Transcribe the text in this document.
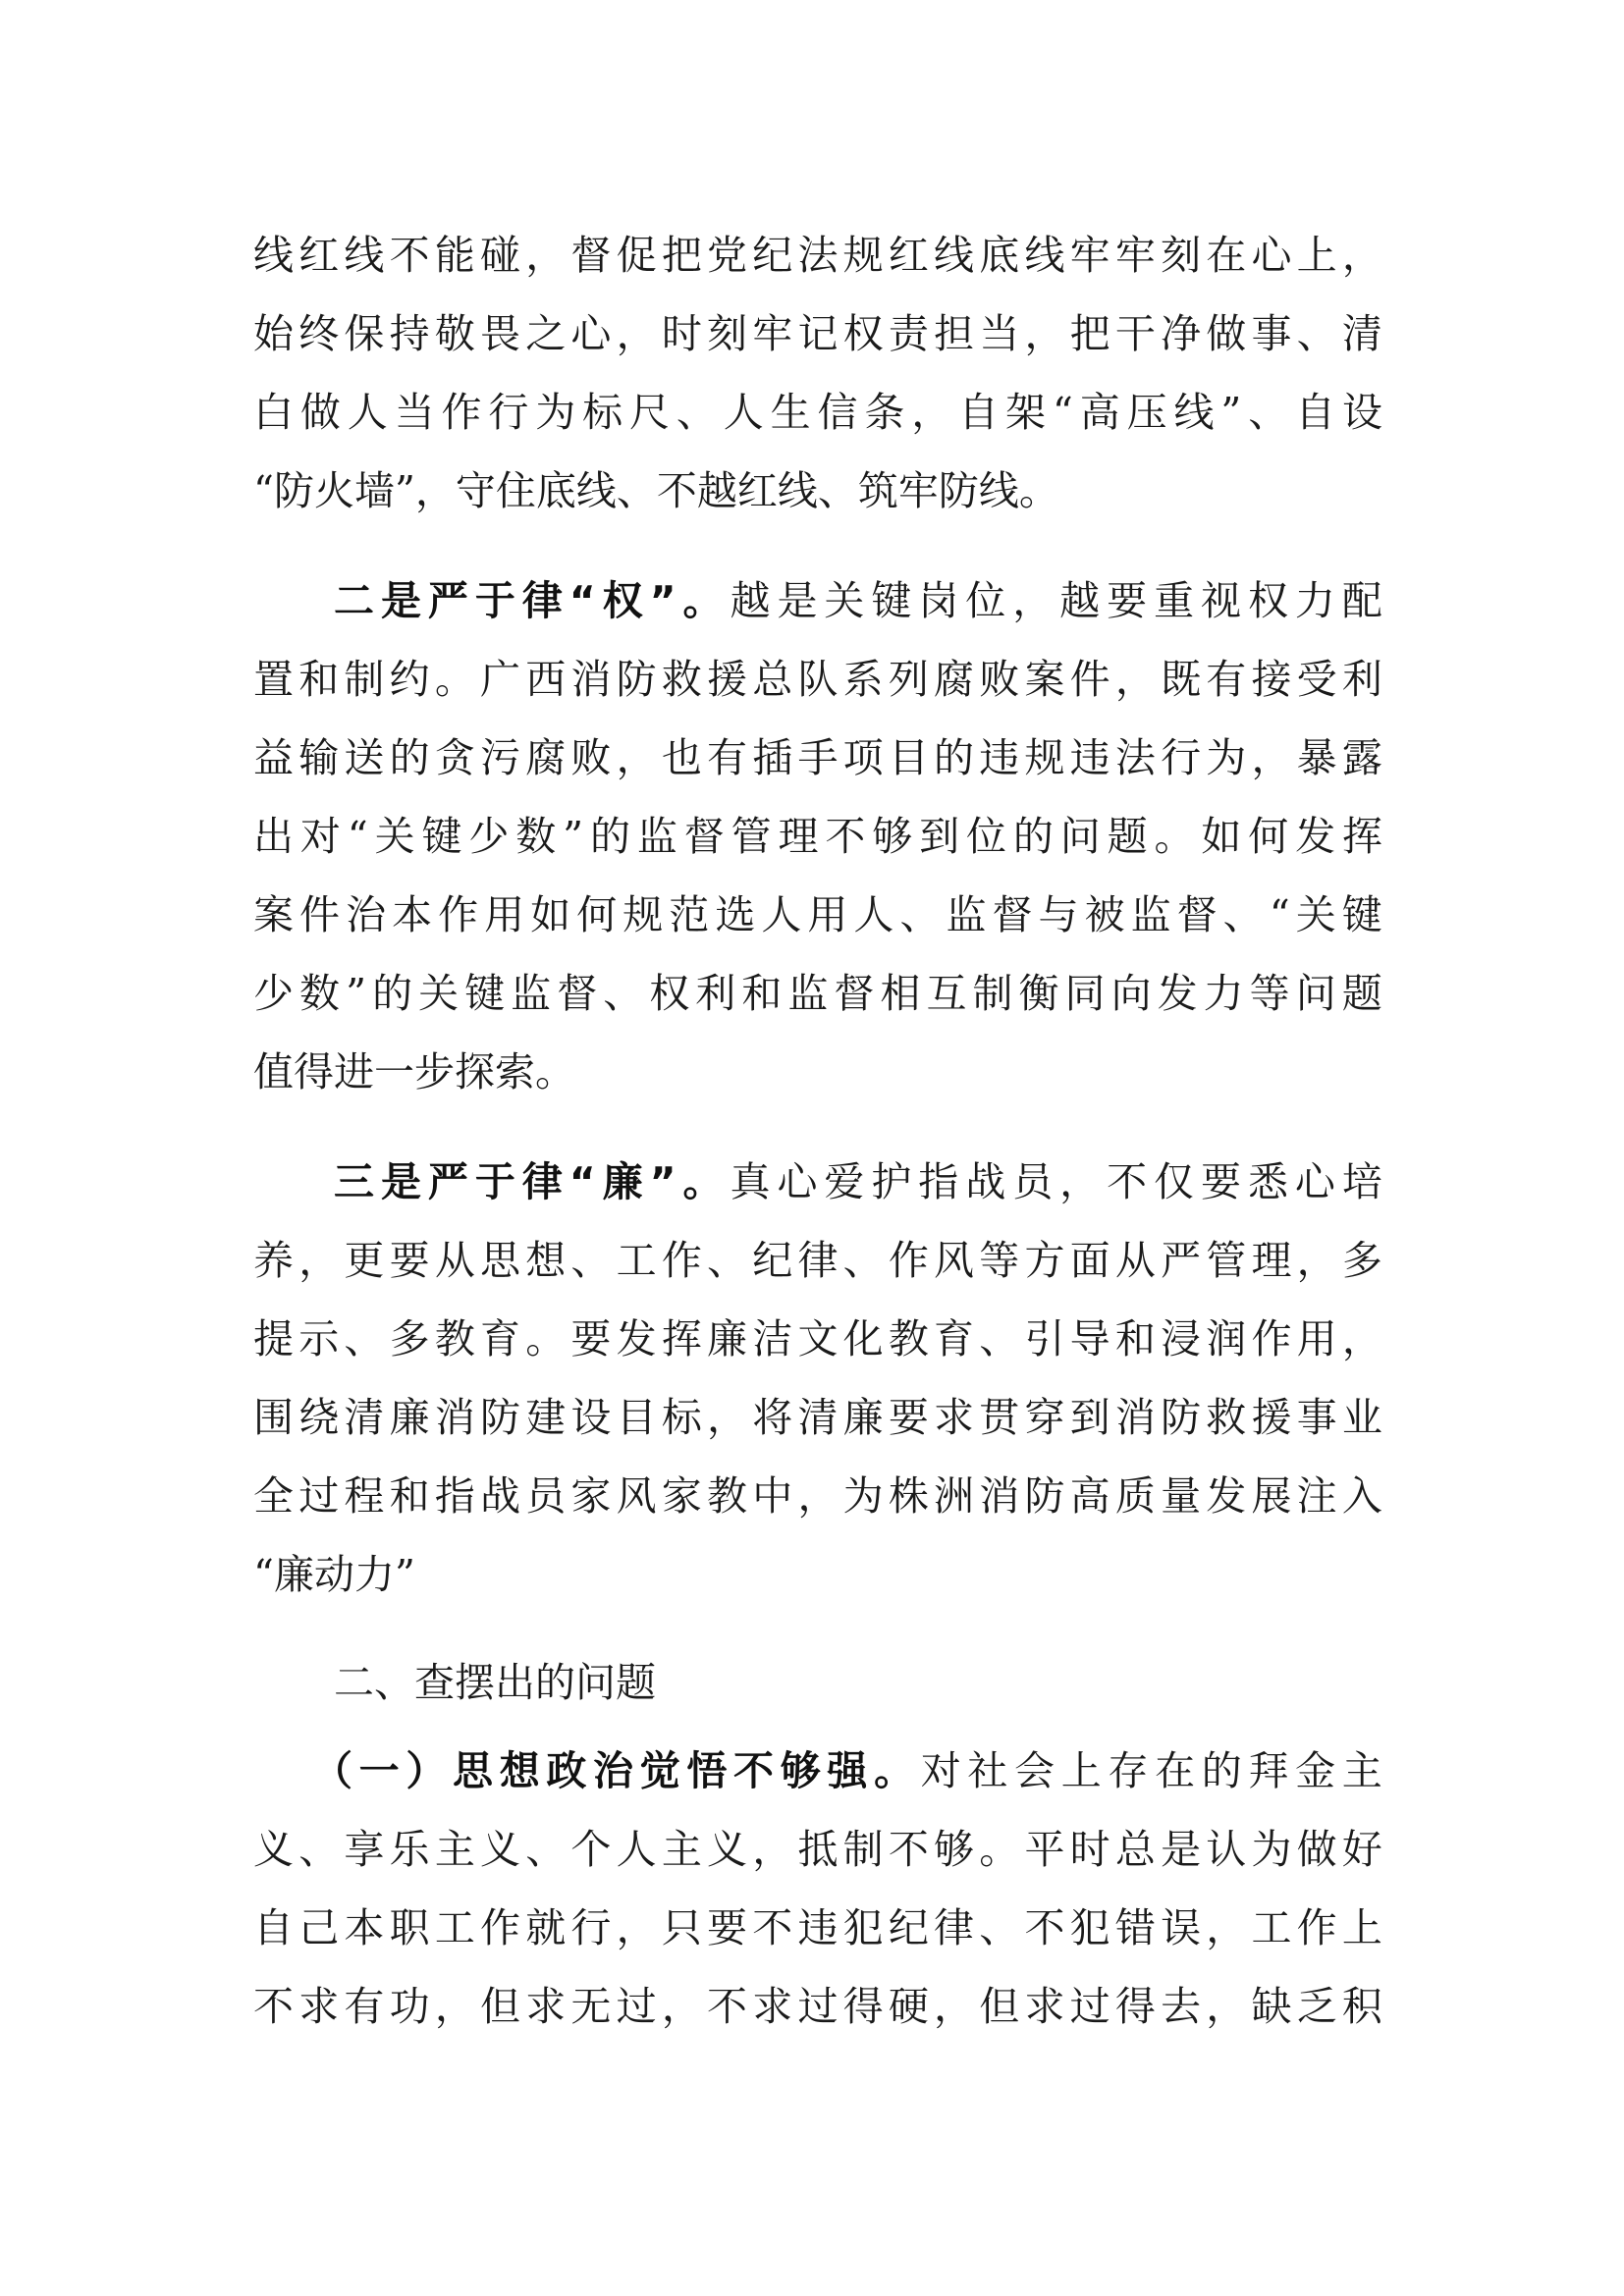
线 红 线 不 能 碰 ， 督 促 把 党 纪 法 规 红 线 底 线 牢 牢 刻 在 心 上 ，
始 终 保 持 敬 畏 之 心 ， 时 刻 牢 记 权 责 担 当 ， 把 干 净 做 事 、 清
白 做 人 当 作 行 为 标 尺 、 人 生 信 条 ， 自 架 “ 高 压 线 ” 、 自 设
“防火墙”，守住底线、不越红线、筑牢防线。
二 是 严 于 律 “ 权 ” 。 越 是 关 键 岗 位 ， 越 要 重 视 权 力 配
置 和 制 约 。 广 西 消 防 救 援 总 队 系 列 腐 败 案 件 ， 既 有 接 受 利
益 输 送 的 贪 污 腐 败 ， 也 有 插 手 项 目 的 违 规 违 法 行 为 ， 暴 露
出 对 “ 关 键 少 数 ” 的 监 督 管 理 不 够 到 位 的 问 题 。 如 何 发 挥
案 件 治 本 作 用 如 何 规 范 选 人 用 人 、 监 督 与 被 监 督 、 “ 关 键
少 数 ” 的 关 键 监 督 、 权 利 和 监 督 相 互 制 衡 同 向 发 力 等 问 题
值得进一步探索。
三 是 严 于 律 “ 廉 ” 。 真 心 爱 护 指 战 员 ， 不 仅 要 悉 心 培
养 ， 更 要 从 思 想 、 工 作 、 纪 律 、 作 风 等 方 面 从 严 管 理 ， 多
提 示 、 多 教 育 。 要 发 挥 廉 洁 文 化 教 育 、 引 导 和 浸 润 作 用 ，
围 绕 清 廉 消 防 建 设 目 标 ， 将 清 廉 要 求 贯 穿 到 消 防 救 援 事 业
全 过 程 和 指 战 员 家 风 家 教 中 ， 为 株 洲 消 防 高 质 量 发 展 注 入
“廉动力”
二、查摆出的问题
（ 一 ） 思 想 政 治 觉 悟 不 够 强 。 对 社 会 上 存 在 的 拜 金 主
义 、 享 乐 主 义 、 个 人 主 义 ， 抵 制 不 够 。 平 时 总 是 认 为 做 好
自 己 本 职 工 作 就 行 ， 只 要 不 违 犯 纪 律 、 不 犯 错 误 ， 工 作 上
不 求 有 功 ， 但 求 无 过 ， 不 求 过 得 硬 ， 但 求 过 得 去 ， 缺 乏 积
